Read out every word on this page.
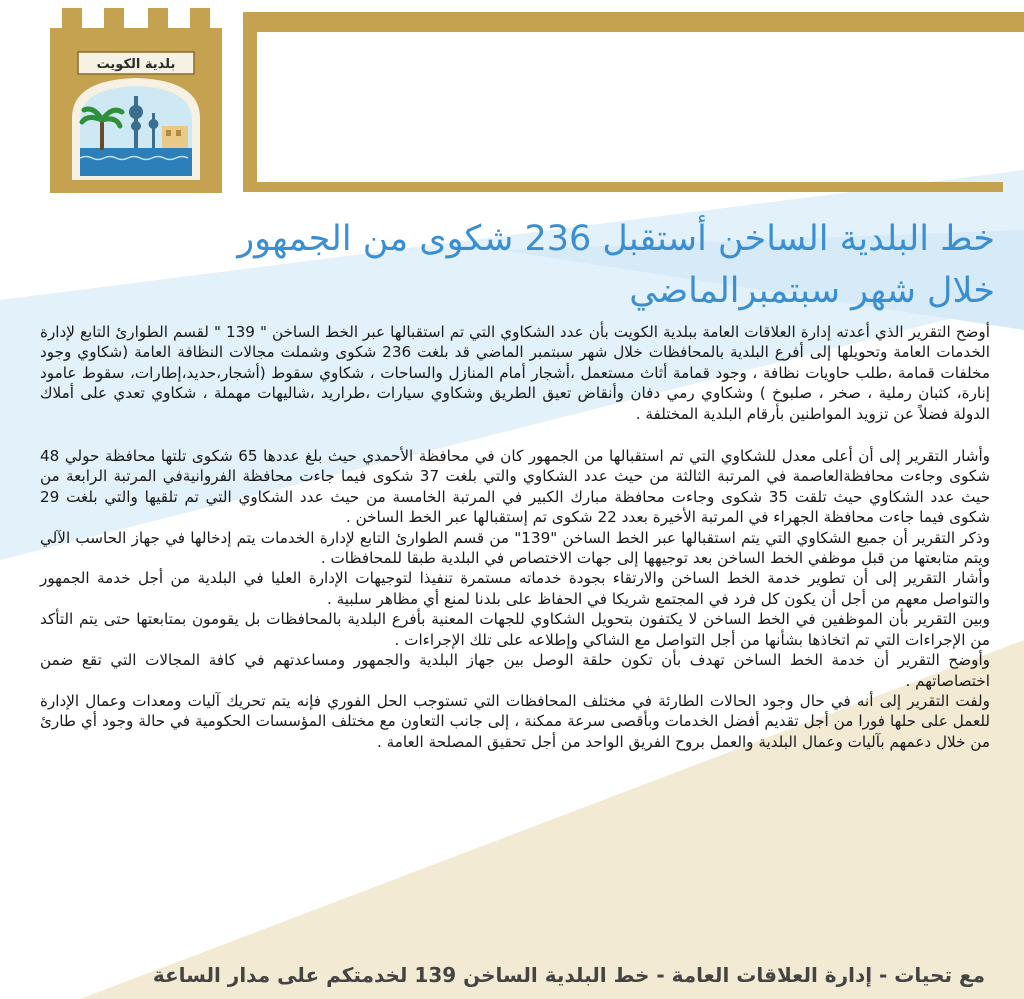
بلدية الكويت
خط البلدية الساخن أستقبل 236 شكوى من الجمهور
خلال شهر سبتمبرالماضي

أوضح التقرير الذي أعدته إدارة العلاقات العامة ببلدية الكويت بأن عدد الشكاوي التي تم استقبالها عبر الخط الساخن " 139 " لقسم الطوارئ التابع لإدارة الخدمات العامة وتحويلها إلى أفرع البلدية بالمحافظات خلال شهر سبتمبر الماضي قد بلغت 236 شكوى وشملت مجالات النظافة العامة (شكاوي وجود مخلفات قمامة ،طلب حاويات نظافة ، وجود قمامة أثاث مستعمل ،أشجار أمام المنازل والساحات ، شكاوي سقوط (أشجار،حديد،إطارات، سقوط عامود إنارة، كثبان رملية ، صخر ، صلبوخ ) وشكاوي رمي دفان وأنقاض تعيق الطريق وشكاوي سيارات ،طراريد ،شاليهات مهملة ، شكاوي تعدي على أملاك الدولة فضلاً عن تزويد المواطنين بأرقام البلدية المختلفة .

وأشار التقرير إلى أن أعلى معدل للشكاوي التي تم استقبالها من الجمهور كان في محافظة الأحمدي حيث بلغ عددها 65 شكوى تلتها محافظة حولي 48 شكوى وجاءت محافظةالعاصمة في المرتبة الثالثة من حيث عدد الشكاوي والتي بلغت 37 شكوى فيما جاءت محافظة الفروانيةفي المرتبة الرابعة من حيث عدد الشكاوي حيث تلقت 35 شكوى وجاءت محافظة مبارك الكبير في المرتبة الخامسة من حيث عدد الشكاوي التي تم تلقيها والتي بلغت 29 شكوى فيما جاءت محافظة الجهراء في المرتبة الأخيرة بعدد 22 شكوى تم إستقبالها عبر الخط الساخن .

وذكر التقرير أن جميع الشكاوي التي يتم استقبالها عبر الخط الساخن "139" من قسم الطوارئ التابع لإدارة الخدمات يتم إدخالها في جهاز الحاسب الآلي ويتم متابعتها من قبل موظفي الخط الساخن بعد توجيهها إلى جهات الاختصاص في البلدية طبقا للمحافظات .

وأشار التقرير إلى أن تطوير خدمة الخط الساخن والارتقاء بجودة خدماته مستمرة تنفيذا لتوجيهات الإدارة العليا في البلدية من أجل خدمة الجمهور والتواصل معهم من أجل أن يكون كل فرد في المجتمع شريكا في الحفاظ على بلدنا لمنع أي مظاهر سلبية .

وبين التقرير بأن الموظفين في الخط الساخن لا يكتفون بتحويل الشكاوي للجهات المعنية بأفرع البلدية بالمحافظات بل يقومون بمتابعتها حتى يتم التأكد من الإجراءات التي تم اتخاذها بشأنها من أجل التواصل مع الشاكي وإطلاعه على تلك الإجراءات .

وأوضح التقرير أن خدمة الخط الساخن تهدف بأن تكون حلقة الوصل بين جهاز البلدية والجمهور ومساعدتهم في كافة المجالات التي تقع ضمن اختصاصاتهم .

ولفت التقرير إلى أنه في حال وجود الحالات الطارئة في مختلف المحافظات التي تستوجب الحل الفوري فإنه يتم تحريك آليات ومعدات وعمال الإدارة للعمل على حلها فورا من أجل تقديم أفضل الخدمات وبأقصى سرعة ممكنة ، إلى جانب التعاون مع مختلف المؤسسات الحكومية في حالة وجود أي طارئ من خلال دعمهم بآليات وعمال البلدية والعمل بروح الفريق الواحد من أجل تحقيق المصلحة العامة .

مع تحيات - إدارة العلاقات العامة - خط البلدية الساخن 139 لخدمتكم على مدار الساعة
